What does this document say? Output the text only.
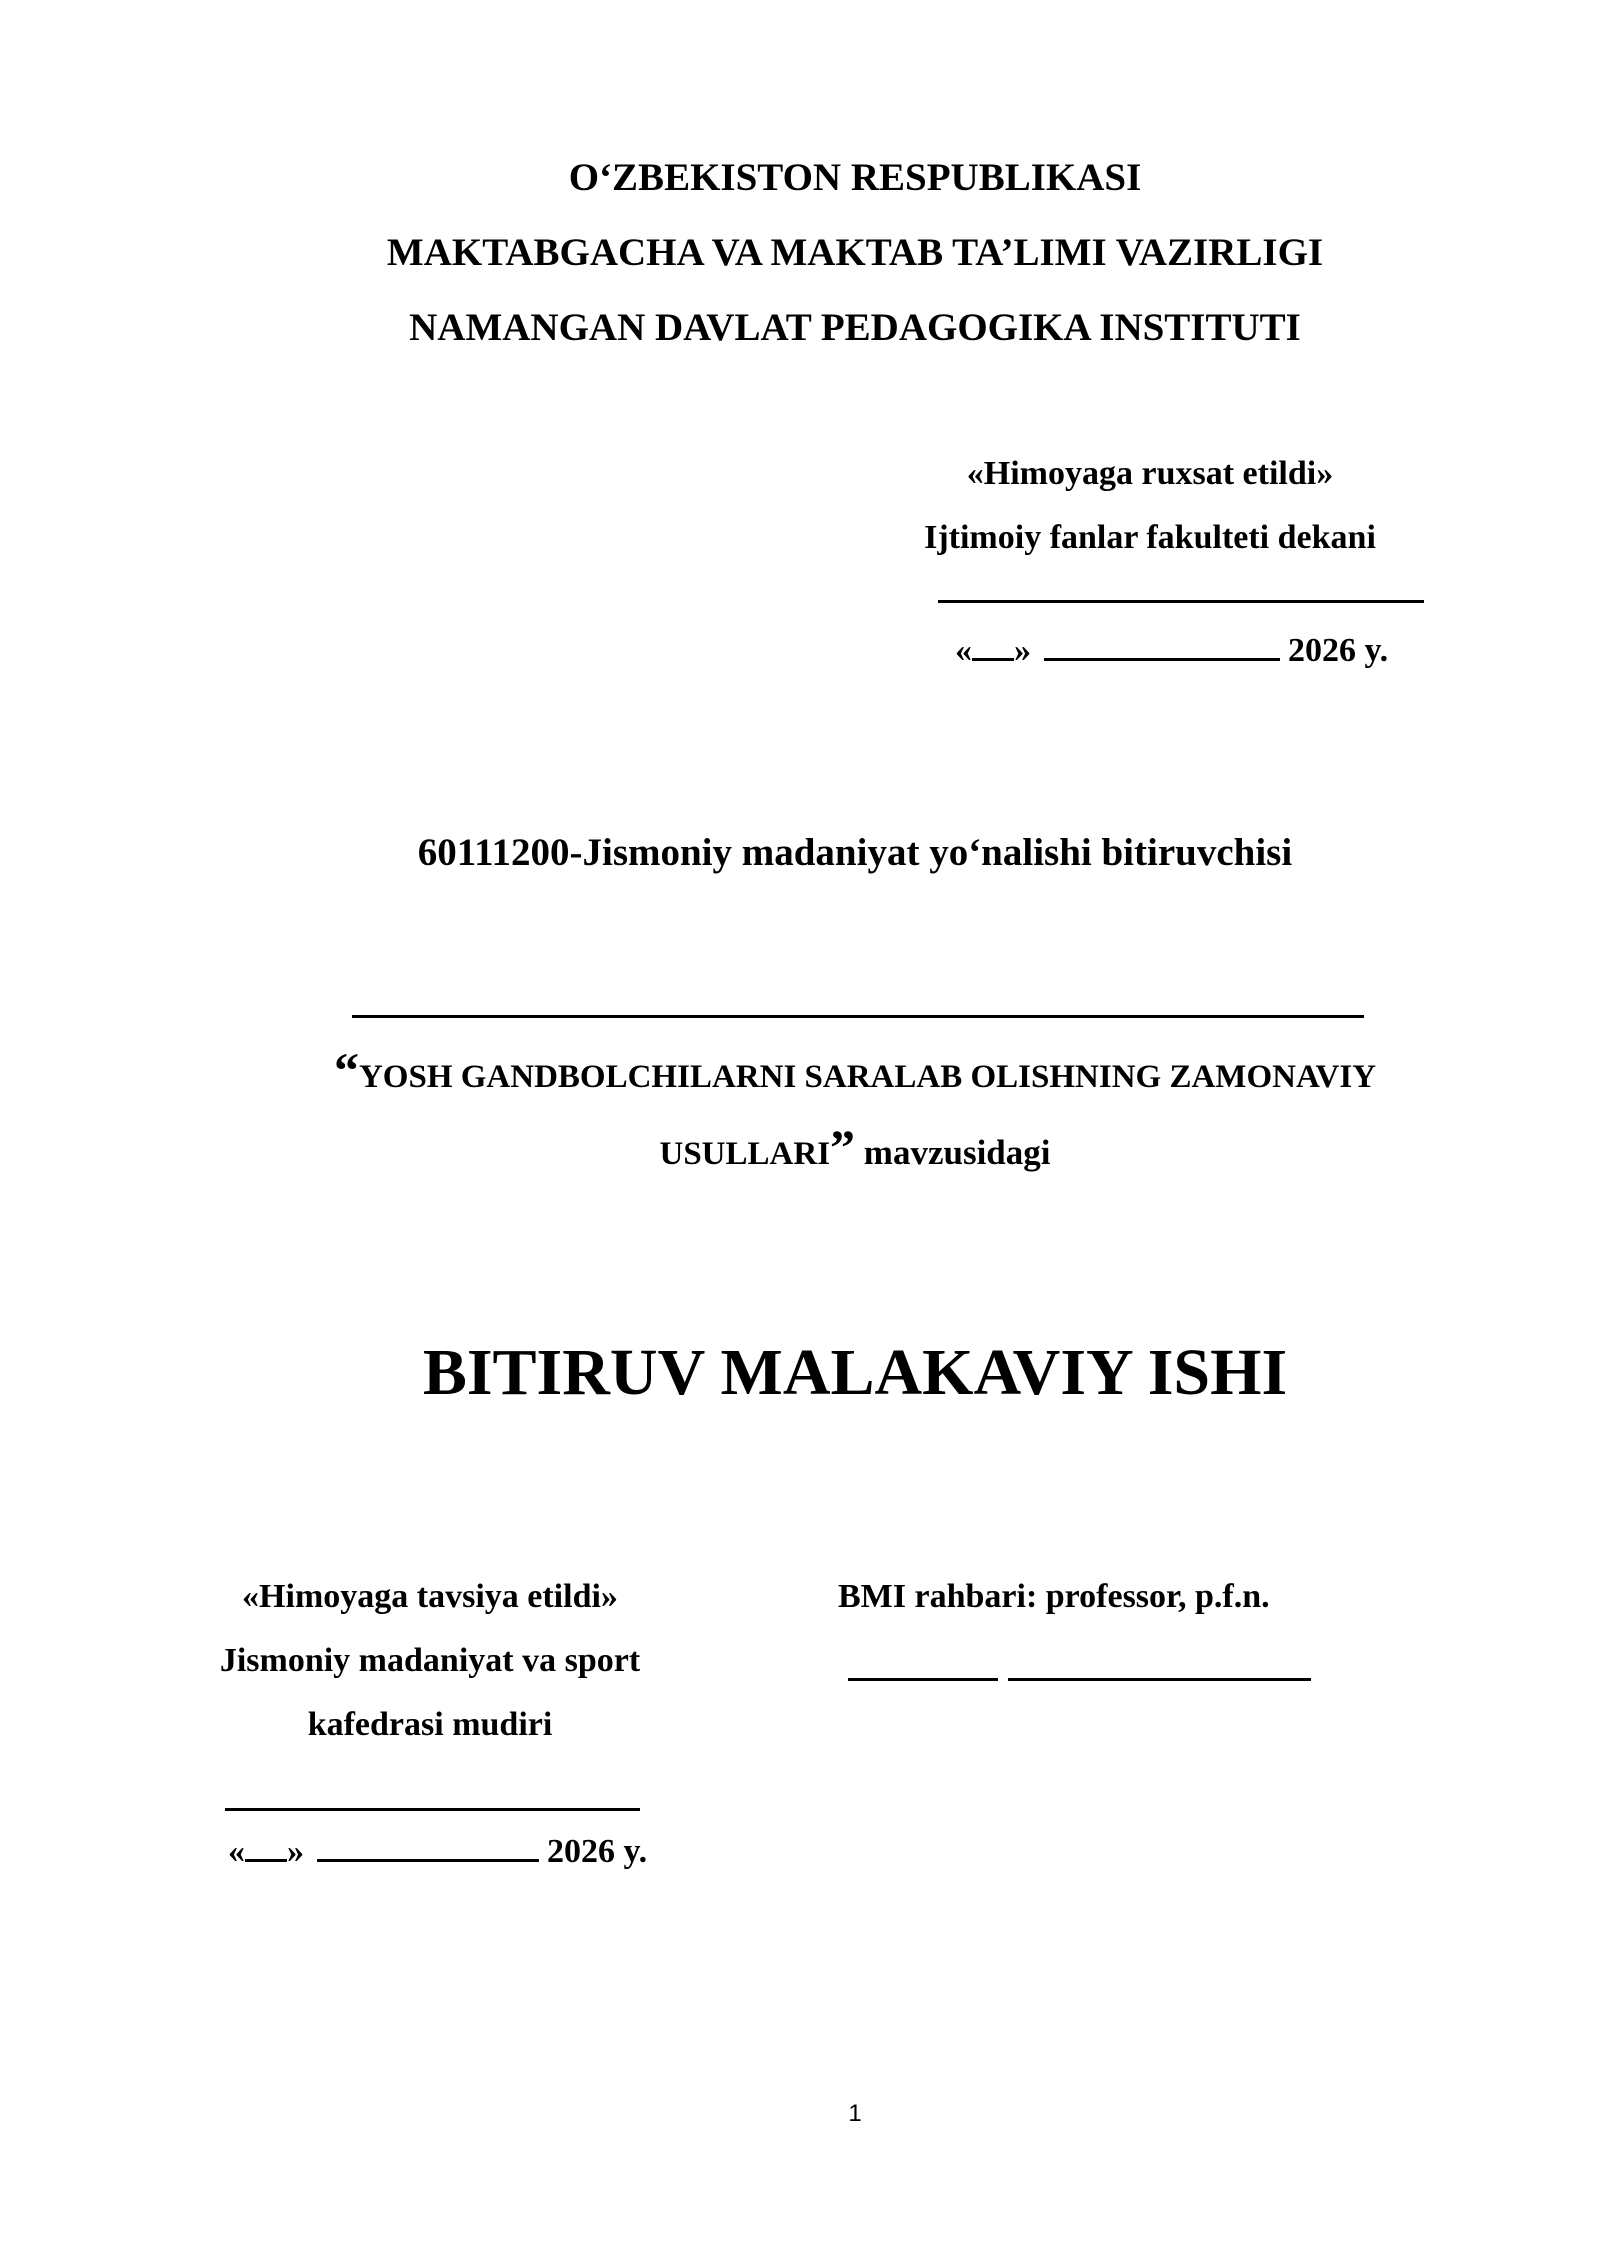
O‘ZBEKISTON RESPUBLIKASI
MAKTABGACHA VA MAKTAB TA’LIMI VAZIRLIGI
NAMANGAN DAVLAT PEDAGOGIKA INSTITUTI
«Himoyaga ruxsat etildi»
Ijtimoiy fanlar fakulteti dekani
« »	2026 y.
60111200-Jismoniy madaniyat yo‘nalishi bitiruvchisi
“YOSH GANDBOLCHILARNI SARALAB OLISHNING ZAMONAVIY
USULLARI” mavzusidagi
BITIRUV MALAKAVIY ISHI
«Himoyaga tavsiya etildi»
Jismoniy madaniyat va sport
kafedrasi mudiri
« »	2026 y.
BMI rahbari: professor, p.f.n.
1
